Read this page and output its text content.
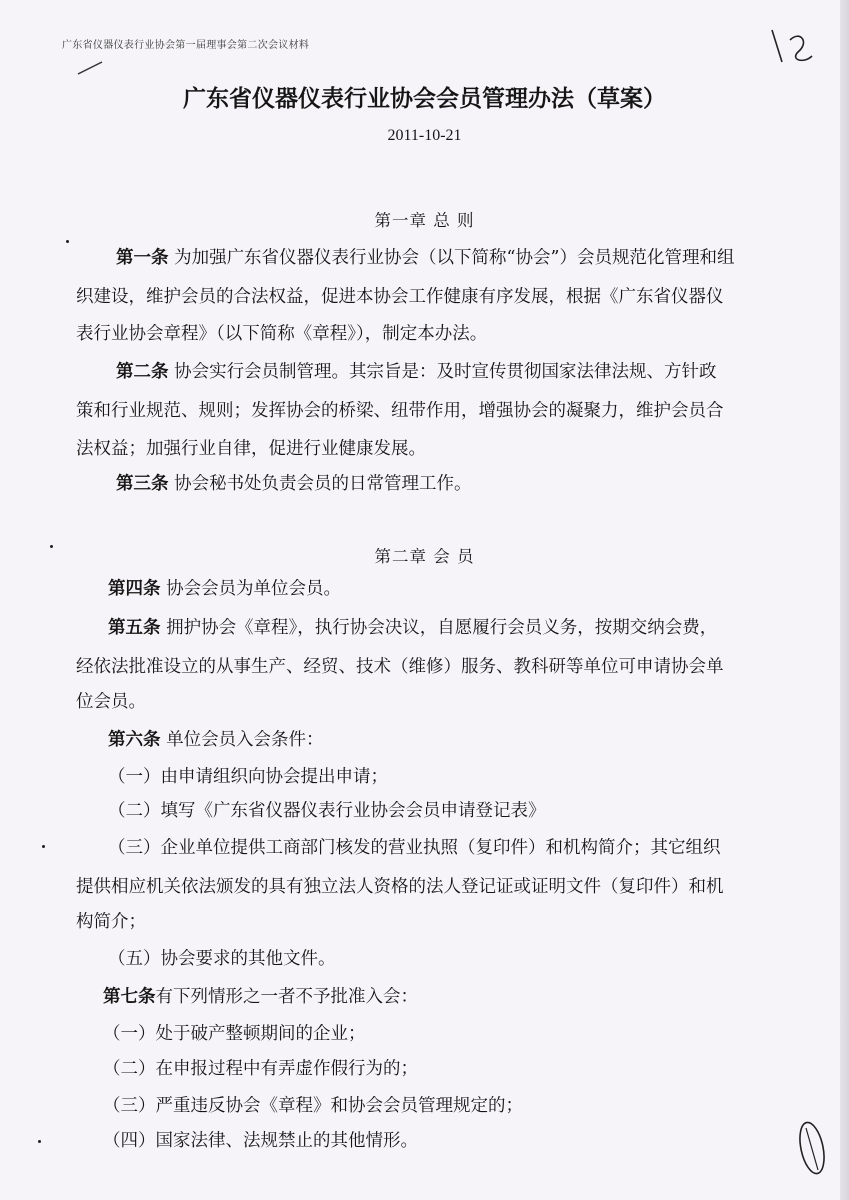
广东省仪器仪表行业协会第一届理事会第二次会议材料
广东省仪器仪表行业协会会员管理办法（草案）
2011-10-21
第一章 总 则
第一条 为加强广东省仪器仪表行业协会（以下简称“协会”）会员规范化管理和组
织建设，维护会员的合法权益，促进本协会工作健康有序发展，根据《广东省仪器仪
表行业协会章程》（以下简称《章程》），制定本办法。
第二条 协会实行会员制管理。其宗旨是：及时宣传贯彻国家法律法规、方针政
策和行业规范、规则；发挥协会的桥梁、纽带作用，增强协会的凝聚力，维护会员合
法权益；加强行业自律，促进行业健康发展。
第三条 协会秘书处负责会员的日常管理工作。
第二章 会 员
第四条 协会会员为单位会员。
第五条 拥护协会《章程》，执行协会决议，自愿履行会员义务，按期交纳会费，
经依法批准设立的从事生产、经贸、技术（维修）服务、教科研等单位可申请协会单
位会员。
第六条 单位会员入会条件：
（一）由申请组织向协会提出申请；
（二）填写《广东省仪器仪表行业协会会员申请登记表》
（三）企业单位提供工商部门核发的营业执照（复印件）和机构简介；其它组织
提供相应机关依法颁发的具有独立法人资格的法人登记证或证明文件（复印件）和机
构简介；
（五）协会要求的其他文件。
第七条有下列情形之一者不予批准入会：
（一）处于破产整顿期间的企业；
（二）在申报过程中有弄虚作假行为的；
（三）严重违反协会《章程》和协会会员管理规定的；
（四）国家法律、法规禁止的其他情形。
